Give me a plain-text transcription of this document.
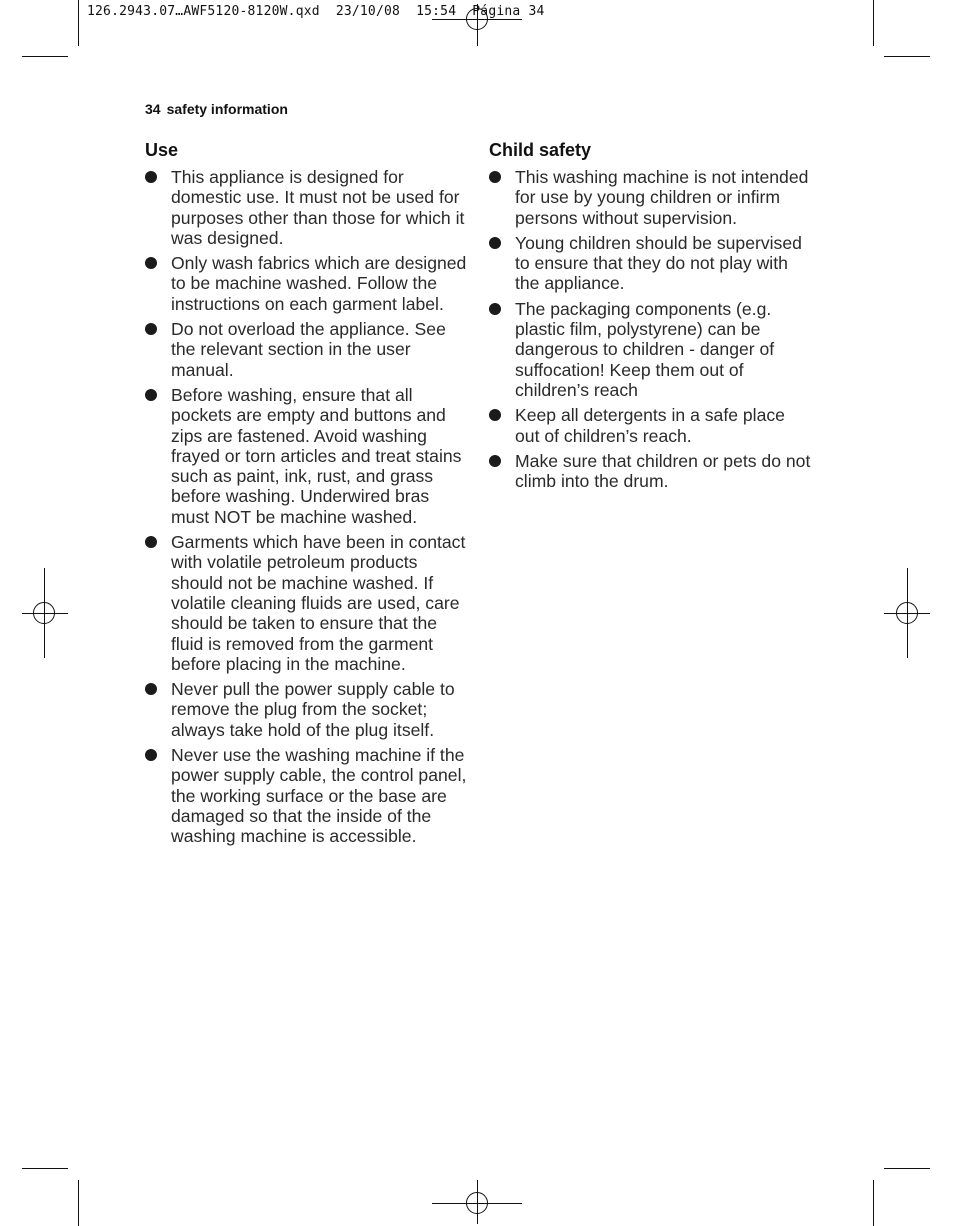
126.2943.07…AWF5120-8120W.qxd  23/10/08  15:54  Página 34
34 safety information
Use
This appliance is designed for domestic use. It must not be used for purposes other than those for which it was designed.
Only wash fabrics which are designed to be machine washed. Follow the instructions on each garment label.
Do not overload the appliance. See the relevant section in the user manual.
Before washing, ensure that all pockets are empty and buttons and zips are fastened. Avoid washing frayed or torn articles and treat stains such as paint, ink, rust, and grass before washing. Underwired bras must NOT be machine washed.
Garments which have been in contact with volatile petroleum products should not be machine washed. If volatile cleaning fluids are used, care should be taken to ensure that the fluid is removed from the garment before placing in the machine.
Never pull the power supply cable to remove the plug from the socket; always take hold of the plug itself.
Never use the washing machine if the power supply cable, the control panel, the working surface or the base are damaged so that the inside of the washing machine is accessible.
Child safety
This washing machine is not intended for use by young children or infirm persons without supervision.
Young children should be supervised to ensure that they do not play with the appliance.
The packaging components (e.g. plastic film, polystyrene) can be dangerous to children - danger of suffocation! Keep them out of children’s reach
Keep all detergents in a safe place out of children’s reach.
Make sure that children or pets do not climb into the drum.
